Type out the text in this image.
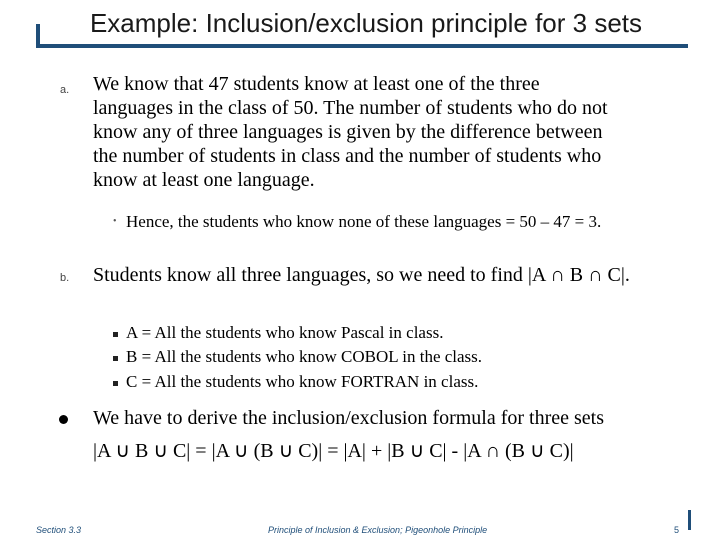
Example: Inclusion/exclusion principle for 3 sets
a. We know that 47 students know at least one of the three languages in the class of 50. The number of students who do not know any of three languages is given by the difference between the number of students in class and the number of students who know at least one language.
• Hence, the students who know none of these languages = 50 – 47 = 3.
b. Students know all three languages, so we need to find |A ∩ B ∩ C|.
A = All the students who know Pascal in class.
B = All the students who know COBOL in the class.
C = All the students who know FORTRAN in class.
We have to derive the inclusion/exclusion formula for three sets
|A ∪ B ∪ C| = |A ∪ (B ∪ C)| = |A| + |B ∪ C| - |A ∩ (B ∪ C)|
Section 3.3	Principle of Inclusion & Exclusion; Pigeonhole Principle	5
